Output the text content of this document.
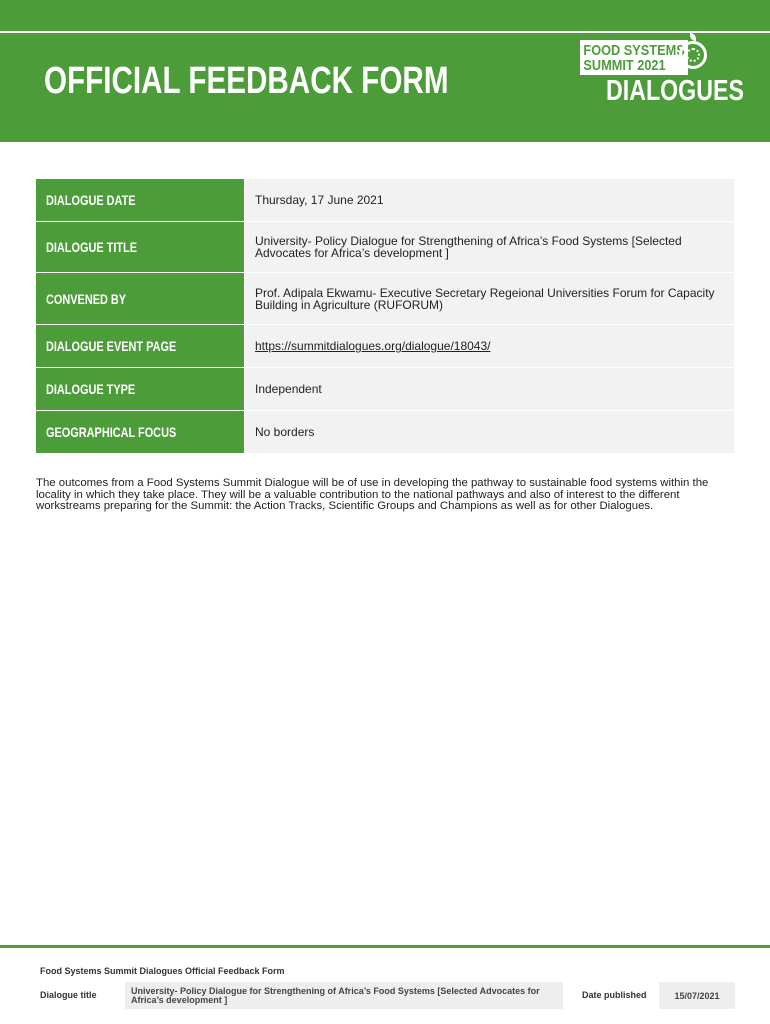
OFFICIAL FEEDBACK FORM
FOOD SYSTEMS
SUMMIT 2021
DIALOGUES
DIALOGUE DATE	Thursday, 17 June 2021
DIALOGUE TITLE	University- Policy Dialogue for Strengthening of Africa’s Food Systems [Selected Advocates for Africa’s development ]
CONVENED BY	Prof. Adipala Ekwamu- Executive Secretary Regeional Universities Forum for Capacity Building in Agriculture (RUFORUM)
DIALOGUE EVENT PAGE	https://summitdialogues.org/dialogue/18043/
DIALOGUE TYPE	Independent
GEOGRAPHICAL FOCUS	No borders

The outcomes from a Food Systems Summit Dialogue will be of use in developing the pathway to sustainable food systems within the locality in which they take place. They will be a valuable contribution to the national pathways and also of interest to the different workstreams preparing for the Summit: the Action Tracks, Scientific Groups and Champions as well as for other Dialogues.

Food Systems Summit Dialogues Official Feedback Form
Dialogue title	University- Policy Dialogue for Strengthening of Africa’s Food Systems [Selected Advocates for Africa’s development ]	Date published	15/07/2021
